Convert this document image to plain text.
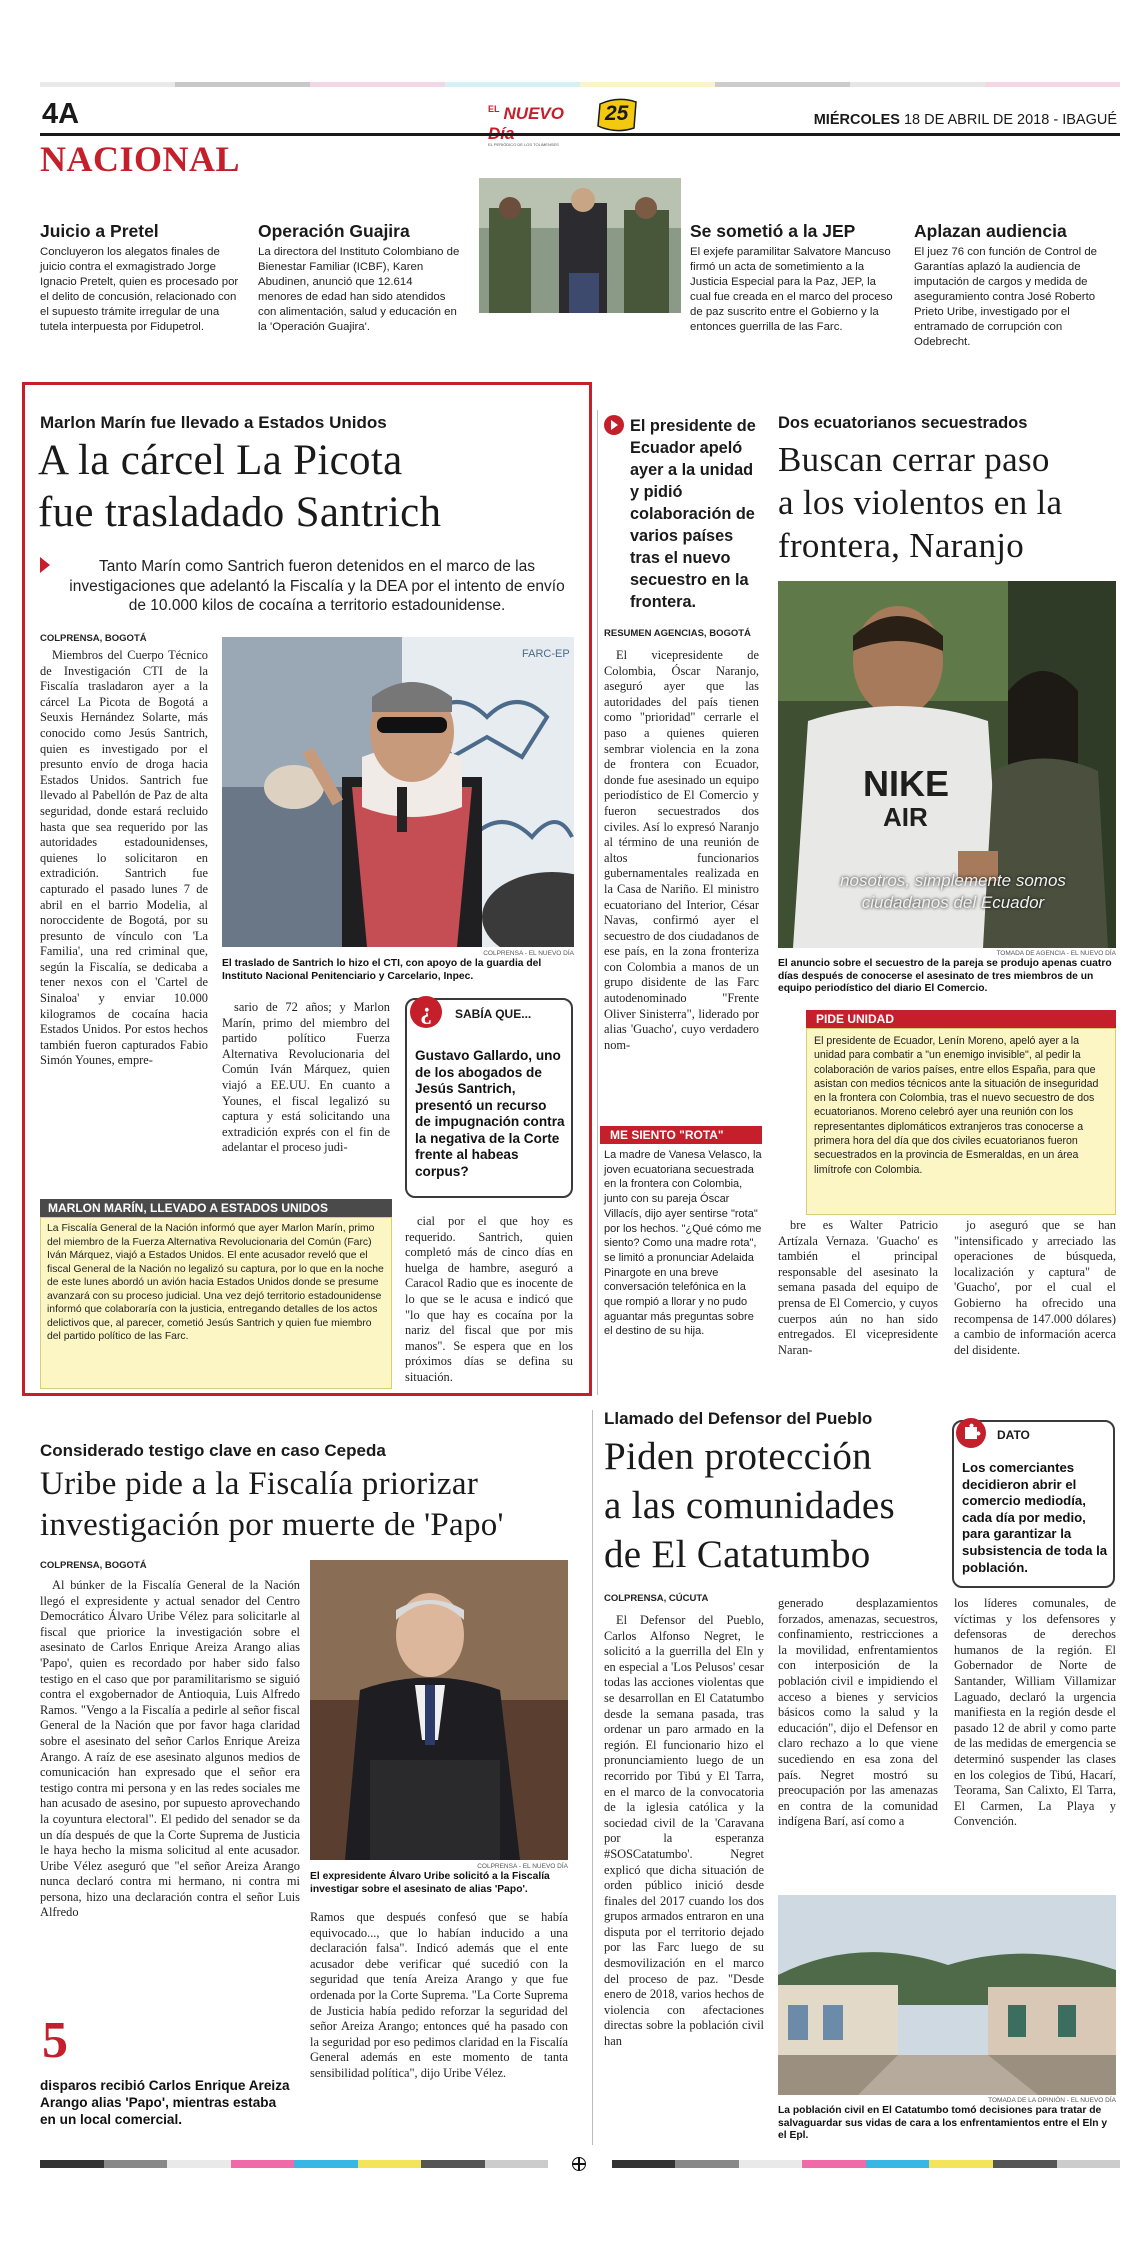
4A	$^{EL}$ NUEVO
EL PERIÓDICO DE LOS TOLIMENSES
25	MIÉRCOLES 18 DE ABRIL DE 2018 - IBAGUÉ
NACIONAL
Juicio a Pretel
Concluyeron los alegatos finales de juicio contra el exmagistrado Jorge Ignacio Pretelt, quien es procesado por el delito de concusión, relacionado con el supuesto trámite irregular de una tutela interpuesta por Fidupetrol.
Operación Guajira
La directora del Instituto Colombiano de Bienestar Familiar (ICBF), Karen Abudinen, anunció que 12.614 menores de edad han sido atendidos con alimentación, salud y educación en la 'Operación Guajira'.
Se sometió a la JEP
El exjefe paramilitar Salvatore Mancuso firmó un acta de sometimiento a la Justicia Especial para la Paz, JEP, la cual fue creada en el marco del proceso de paz suscrito entre el Gobierno y la entonces guerrilla de las Farc.
Aplazan audiencia
El juez 76 con función de Control de Garantías aplazó la audiencia de imputación de cargos y medida de aseguramiento contra José Roberto Prieto Uribe, investigado por el entramado de corrupción con Odebrecht.
Marlon Marín fue llevado a Estados Unidos
A la cárcel La Picota
fue trasladado Santrich
Tanto Marín como Santrich fueron detenidos en el marco de las investigaciones que adelantó la Fiscalía y la DEA por el intento de envío de 10.000 kilos de cocaína a territorio estadounidense.
COLPRENSA, BOGOTÁ

Miembros del Cuerpo Técnico de Investigación CTI de la Fiscalía trasladaron ayer a la cárcel La Picota de Bogotá a Seuxis Hernández Solarte, más conocido como Jesús Santrich, quien es investigado por el presunto envío de droga hacia Estados Unidos. Santrich fue llevado al Pabellón de Paz de alta seguridad, donde estará recluido hasta que sea requerido por las autoridades estadounidenses, quienes lo solicitaron en extradición. Santrich fue capturado el pasado lunes 7 de abril en el barrio Modelia, al noroccidente de Bogotá, por su presunto de vínculo con 'La Familia', una red criminal que, según la Fiscalía, se dedicaba a tener nexos con el 'Cartel de Sinaloa' y enviar 10.000 kilogramos de cocaína hacia Estados Unidos. Por estos hechos también fueron capturados Fabio Simón Younes, empre-

FARC-EP
COLPRENSA - EL NUEVO DÍA
El traslado de Santrich lo hizo el CTI, con apoyo de la guardia del Instituto Nacional Penitenciario y Carcelario, Inpec.

sario de 72 años; y Marlon Marín, primo del miembro del partido político Fuerza Alternativa Revolucionaria del Común Iván Márquez, quien viajó a EE.UU. En cuanto a Younes, el fiscal legalizó su captura y está solicitando una extradición exprés con el fin de adelantar el proceso judi-

¿	SABÍA QUE...
Gustavo Gallardo, uno de los abogados de Jesús Santrich, presentó un recurso de impugnación contra la negativa de la Corte frente al habeas corpus?
MARLON MARÍN, LLEVADO A ESTADOS UNIDOS
La Fiscalía General de la Nación informó que ayer Marlon Marín, primo del miembro de la Fuerza Alternativa Revolucionaria del Común (Farc) Iván Márquez, viajó a Estados Unidos. El ente acusador reveló que el fiscal General de la Nación no legalizó su captura, por lo que en la noche de este lunes abordó un avión hacia Estados Unidos donde se presume avanzará con su proceso judicial. Una vez dejó territorio estadounidense informó que colaboraría con la justicia, entregando detalles de los actos delictivos que, al parecer, cometió Jesús Santrich y quien fue miembro del partido político de las Farc.

cial por el que hoy es requerido. Santrich, quien completó más de cinco días en huelga de hambre, aseguró a Caracol Radio que es inocente de lo que se le acusa e indicó que "lo que hay es cocaína por la nariz del fiscal que por mis manos". Se espera que en los próximos días se defina su situación.

El presidente de Ecuador apeló ayer a la unidad y pidió colaboración de varios países tras el nuevo secuestro en la frontera.
RESUMEN AGENCIAS, BOGOTÁ

El vicepresidente de Colombia, Óscar Naranjo, aseguró ayer que las autoridades del país tienen como "prioridad" cerrarle el paso a quienes quieren sembrar violencia en la zona de frontera con Ecuador, donde fue asesinado un equipo periodístico de El Comercio y fueron secuestrados dos civiles. Así lo expresó Naranjo al término de una reunión de altos funcionarios gubernamentales realizada en la Casa de Nariño. El ministro ecuatoriano del Interior, César Navas, confirmó ayer el secuestro de dos ciudadanos de ese país, en la zona fronteriza con Colombia a manos de un grupo disidente de las Farc autodenominado "Frente Oliver Sinisterra", liderado por alias 'Guacho', cuyo verdadero nom-

Dos ecuatorianos secuestrados
Buscan cerrar paso
a los violentos en la
frontera, Naranjo
NIKE
AIR
nosotros, simplemente somos
ciudadanos del Ecuador
TOMADA DE AGENCIA - EL NUEVO DÍA
El anuncio sobre el secuestro de la pareja se produjo apenas cuatro días después de conocerse el asesinato de tres miembros de un equipo periodístico del diario El Comercio.
PIDE UNIDAD
El presidente de Ecuador, Lenín Moreno, apeló ayer a la unidad para combatir a "un enemigo invisible", al pedir la colaboración de varios países, entre ellos España, para que asistan con medios técnicos ante la situación de inseguridad en la frontera con Colombia, tras el nuevo secuestro de dos ecuatorianos. Moreno celebró ayer una reunión con los representantes diplomáticos extranjeros tras conocerse a primera hora del día que dos civiles ecuatorianos fueron secuestrados en la provincia de Esmeraldas, en un área limítrofe con Colombia.
ME SIENTO "ROTA"
La madre de Vanesa Velasco, la joven ecuatoriana secuestrada en la frontera con Colombia, junto con su pareja Óscar Villacís, dijo ayer sentirse "rota" por los hechos. "¿Qué cómo me siento? Como una madre rota", se limitó a pronunciar Adelaida Pinargote en una breve conversación telefónica en la que rompió a llorar y no pudo aguantar más preguntas sobre el destino de su hija.

bre es Walter Patricio Artízala Vernaza. 'Guacho' es también el principal responsable del asesinato la semana pasada del equipo de prensa de El Comercio, y cuyos cuerpos aún no han sido entregados. El vicepresidente Naran-

jo aseguró que se han "intensificado y arreciado las operaciones de búsqueda, localización y captura" de 'Guacho', por el cual el Gobierno ha ofrecido una recompensa de 147.000 dólares) a cambio de información acerca del disidente.

Considerado testigo clave en caso Cepeda
Uribe pide a la Fiscalía priorizar
investigación por muerte de 'Papo'
COLPRENSA, BOGOTÁ

Al búnker de la Fiscalía General de la Nación llegó el expresidente y actual senador del Centro Democrático Álvaro Uribe Vélez para solicitarle al fiscal que priorice la investigación sobre el asesinato de Carlos Enrique Areiza Arango alias 'Papo', quien es recordado por haber sido falso testigo en el caso que por paramilitarismo se siguió contra el exgobernador de Antioquia, Luis Alfredo Ramos. "Vengo a la Fiscalía a pedirle al señor fiscal General de la Nación que por favor haga claridad sobre el asesinato del señor Carlos Enrique Areiza Arango. A raíz de ese asesinato algunos medios de comunicación han expresado que el señor era testigo contra mi persona y en las redes sociales me han acusado de asesino, por supuesto aprovechando la coyuntura electoral". El pedido del senador se da un día después de que la Corte Suprema de Justicia le haya hecho la misma solicitud al ente acusador. Uribe Vélez aseguró que "el señor Areiza Arango nunca declaró contra mi hermano, ni contra mi persona, hizo una declaración contra el señor Luis Alfredo

COLPRENSA - EL NUEVO DÍA
El expresidente Álvaro Uribe solicitó a la Fiscalía investigar sobre el asesinato de alias 'Papo'.

Ramos que después confesó que se había equivocado..., que lo habían inducido a una declaración falsa". Indicó además que el ente acusador debe verificar qué sucedió con la seguridad que tenía Areiza Arango y que fue ordenada por la Corte Suprema. "La Corte Suprema de Justicia había pedido reforzar la seguridad del señor Areiza Arango; entonces qué ha pasado con la seguridad por eso pedimos claridad en la Fiscalía General además en este momento de tanta sensibilidad política", dijo Uribe Vélez.

5
disparos recibió Carlos Enrique Areiza Arango alias 'Papo', mientras estaba en un local comercial.
Llamado del Defensor del Pueblo
Piden protección
a las comunidades
de El Catatumbo
DATO
Los comerciantes decidieron abrir el comercio mediodía, cada día por medio, para garantizar la subsistencia de toda la población.
COLPRENSA, CÚCUTA

El Defensor del Pueblo, Carlos Alfonso Negret, le solicitó a la guerrilla del Eln y en especial a 'Los Pelusos' cesar todas las acciones violentas que se desarrollan en El Catatumbo desde la semana pasada, tras ordenar un paro armado en la región. El funcionario hizo el pronunciamiento luego de un recorrido por Tibú y El Tarra, en el marco de la convocatoria de la iglesia católica y la sociedad civil de la 'Caravana por la esperanza #SOSCatatumbo'. Negret explicó que dicha situación de orden público inició desde finales del 2017 cuando los dos grupos armados entraron en una disputa por el territorio dejado por las Farc luego de su desmovilización en el marco del proceso de paz. "Desde enero de 2018, varios hechos de violencia con afectaciones directas sobre la población civil han

generado desplazamientos forzados, amenazas, secuestros, confinamiento, restricciones a la movilidad, enfrentamientos con interposición de la población civil e impidiendo el acceso a bienes y servicios básicos como la salud y la educación", dijo el Defensor en claro rechazo a lo que viene sucediendo en esa zona del país. Negret mostró su preocupación por las amenazas en contra de la comunidad indígena Barí, así como a

los líderes comunales, de víctimas y los defensores y defensoras de derechos humanos de la región. El Gobernador de Norte de Santander, William Villamizar Laguado, declaró la urgencia manifiesta en la región desde el pasado 12 de abril y como parte de las medidas de emergencia se determinó suspender las clases en los colegios de Tibú, Hacarí, Teorama, San Calixto, El Tarra, El Carmen, La Playa y Convención.

TOMADA DE LA OPINIÓN - EL NUEVO DÍA
La población civil en El Catatumbo tomó decisiones para tratar de salvaguardar sus vidas de cara a los enfrentamientos entre el Eln y el Epl.
